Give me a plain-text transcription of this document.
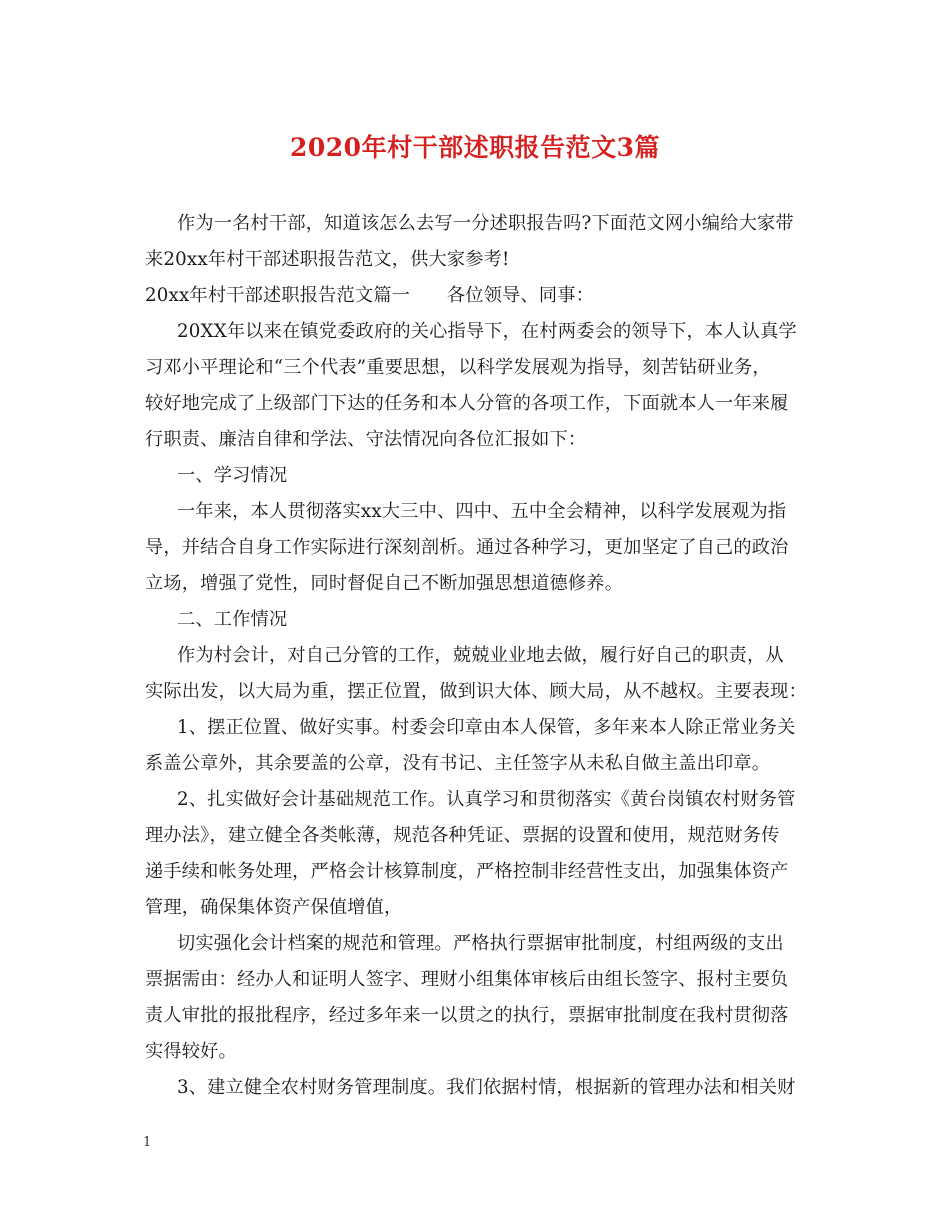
2020年村干部述职报告范文3篇
作为一名村干部，知道该怎么去写一分述职报告吗?下面范文网小编给大家带
来20xx年村干部述职报告范文，供大家参考!
20xx年村干部述职报告范文篇一　　各位领导、同事：
20XX年以来在镇党委政府的关心指导下，在村两委会的领导下，本人认真学
习邓小平理论和“三个代表”重要思想，以科学发展观为指导，刻苦钻研业务，
较好地完成了上级部门下达的任务和本人分管的各项工作，下面就本人一年来履
行职责、廉洁自律和学法、守法情况向各位汇报如下：
一、学习情况
一年来，本人贯彻落实xx大三中、四中、五中全会精神，以科学发展观为指
导，并结合自身工作实际进行深刻剖析。通过各种学习，更加坚定了自己的政治
立场，增强了党性，同时督促自己不断加强思想道德修养。
二、工作情况
作为村会计，对自己分管的工作，兢兢业业地去做，履行好自己的职责，从
实际出发，以大局为重，摆正位置，做到识大体、顾大局，从不越权。主要表现：
1、摆正位置、做好实事。村委会印章由本人保管，多年来本人除正常业务关
系盖公章外，其余要盖的公章，没有书记、主任签字从未私自做主盖出印章。
2、扎实做好会计基础规范工作。认真学习和贯彻落实《黄台岗镇农村财务管
理办法》，建立健全各类帐薄，规范各种凭证、票据的设置和使用，规范财务传
递手续和帐务处理，严格会计核算制度，严格控制非经营性支出，加强集体资产
管理，确保集体资产保值增值，
切实强化会计档案的规范和管理。严格执行票据审批制度，村组两级的支出
票据需由：经办人和证明人签字、理财小组集体审核后由组长签字、报村主要负
责人审批的报批程序，经过多年来一以贯之的执行，票据审批制度在我村贯彻落
实得较好。
3、建立健全农村财务管理制度。我们依据村情，根据新的管理办法和相关财
1
